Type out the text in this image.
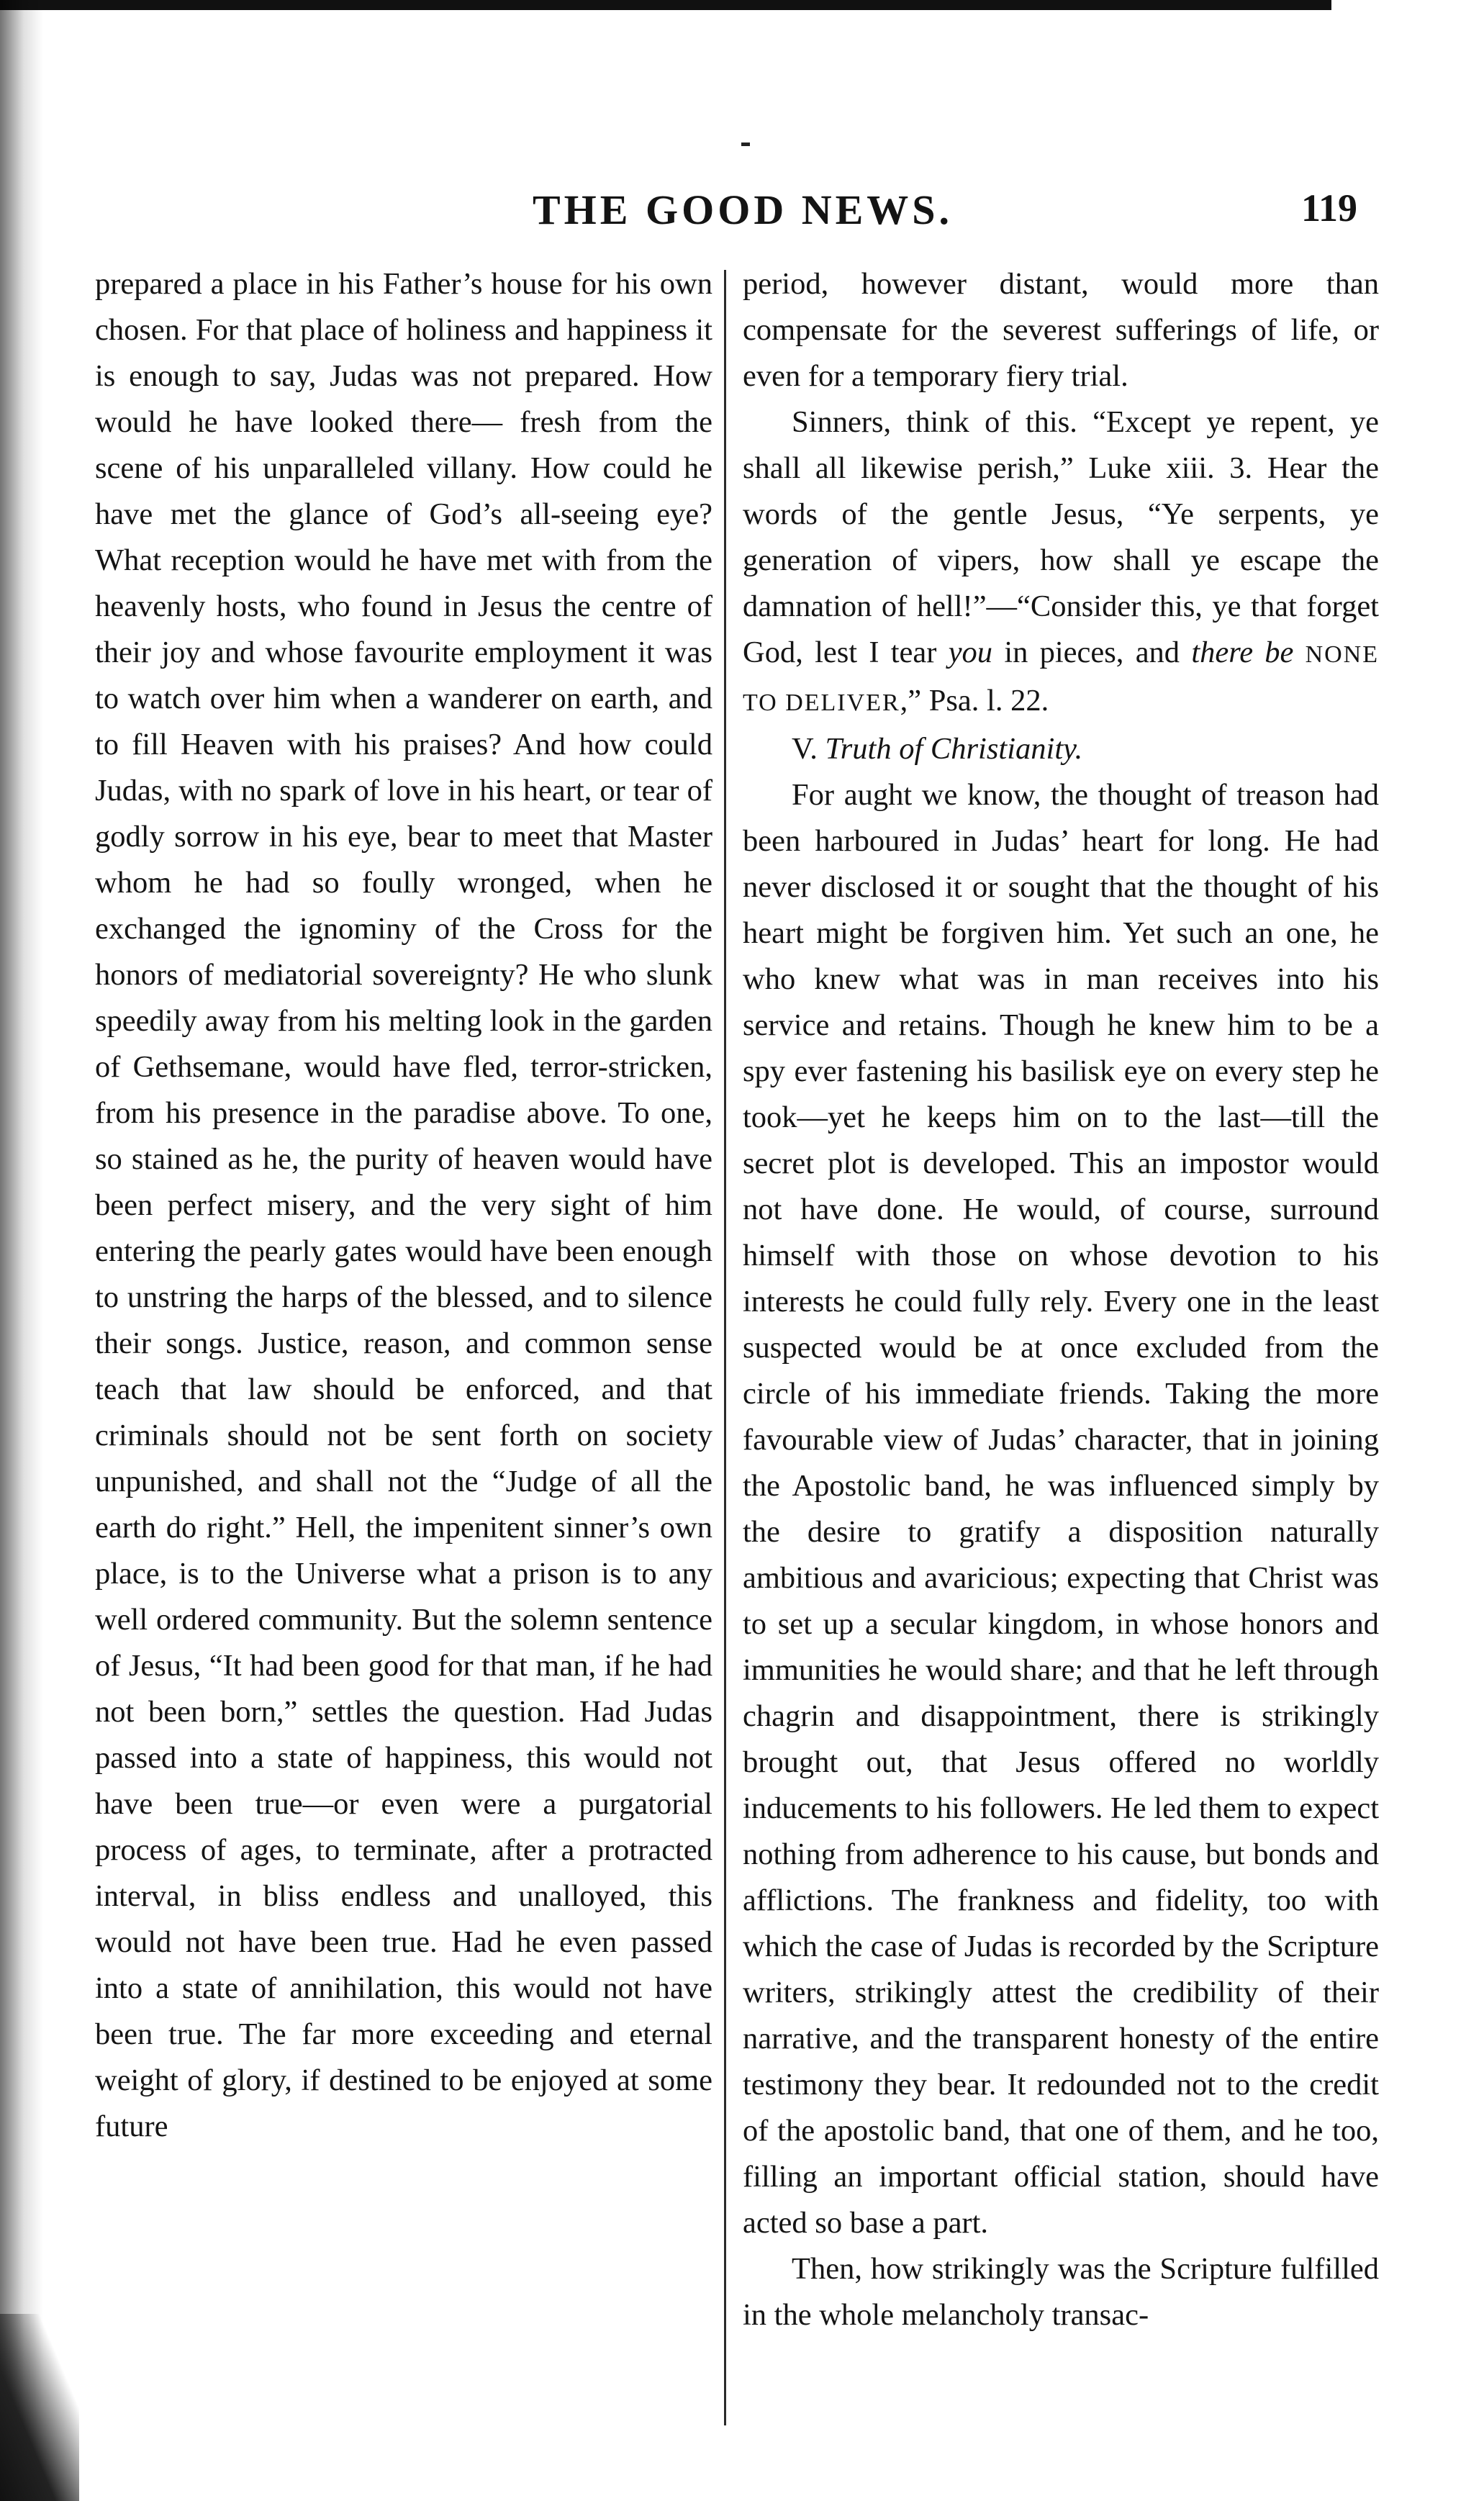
THE GOOD NEWS.	119

prepared a place in his Father’s house for his own chosen. For that place of holiness and happiness it is enough to say, Judas was not prepared. How would he have looked there— fresh from the scene of his unparalleled villany. How could he have met the glance of God’s all-seeing eye? What reception would he have met with from the heavenly hosts, who found in Jesus the centre of their joy and whose favourite employment it was to watch over him when a wanderer on earth, and to fill Heaven with his praises? And how could Judas, with no spark of love in his heart, or tear of godly sorrow in his eye, bear to meet that Master whom he had so foully wronged, when he exchanged the ignominy of the Cross for the honors of mediatorial sovereignty? He who slunk speedily away from his melting look in the garden of Gethsemane, would have fled, terror-stricken, from his presence in the paradise above. To one, so stained as he, the purity of heaven would have been perfect misery, and the very sight of him entering the pearly gates would have been enough to unstring the harps of the blessed, and to silence their songs. Justice, reason, and common sense teach that law should be enforced, and that criminals should not be sent forth on society unpunished, and shall not the “Judge of all the earth do right.” Hell, the impenitent sinner’s own place, is to the Universe what a prison is to any well ordered community. But the solemn sentence of Jesus, “It had been good for that man, if he had not been born,” settles the question. Had Judas passed into a state of happiness, this would not have been true—or even were a purgatorial process of ages, to terminate, after a protracted interval, in bliss endless and unalloyed, this would not have been true. Had he even passed into a state of annihilation, this would not have been true. The far more exceeding and eternal weight of glory, if destined to be enjoyed at some future

period, however distant, would more than compensate for the severest sufferings of life, or even for a temporary fiery trial.

Sinners, think of this. “Except ye repent, ye shall all likewise perish,” Luke xiii. 3. Hear the words of the gentle Jesus, “Ye serpents, ye generation of vipers, how shall ye escape the damnation of hell!”—“Consider this, ye that forget God, lest I tear you in pieces, and there be NONE TO DELIVER,” Psa. l. 22.

V. Truth of Christianity.

For aught we know, the thought of treason had been harboured in Judas’ heart for long. He had never disclosed it or sought that the thought of his heart might be forgiven him. Yet such an one, he who knew what was in man receives into his service and retains. Though he knew him to be a spy ever fastening his basilisk eye on every step he took—yet he keeps him on to the last—till the secret plot is developed. This an impostor would not have done. He would, of course, surround himself with those on whose devotion to his interests he could fully rely. Every one in the least suspected would be at once excluded from the circle of his immediate friends. Taking the more favourable view of Judas’ character, that in joining the Apostolic band, he was influenced simply by the desire to gratify a disposition naturally ambitious and avaricious; expecting that Christ was to set up a secular kingdom, in whose honors and immunities he would share; and that he left through chagrin and disappointment, there is strikingly brought out, that Jesus offered no worldly inducements to his followers. He led them to expect nothing from adherence to his cause, but bonds and afflictions. The frankness and fidelity, too with which the case of Judas is recorded by the Scripture writers, strikingly attest the credibility of their narrative, and the transparent honesty of the entire testimony they bear. It redounded not to the credit of the apostolic band, that one of them, and he too, filling an important official station, should have acted so base a part.

Then, how strikingly was the Scripture fulfilled in the whole melancholy transac-
